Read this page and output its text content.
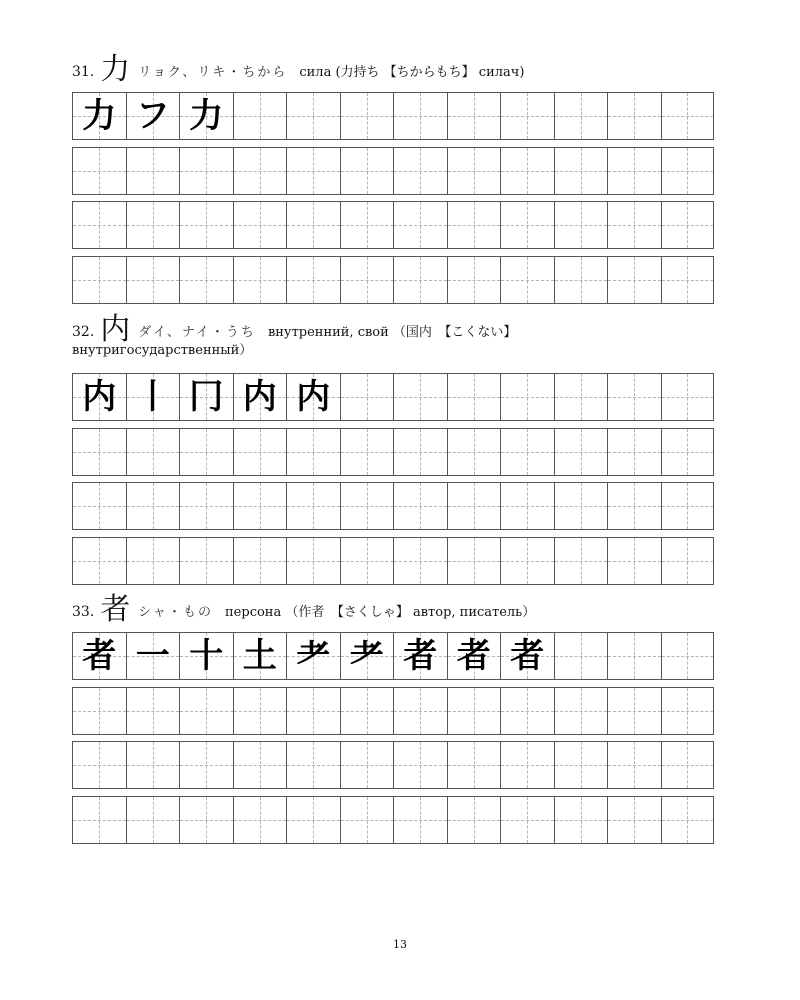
31. 力 リョク、リキ・ちから сила (力持ち 【ちからもち】 силач)
力 フ 力
32. 内 ダイ、ナイ・うち внутренний, свой （国内　【こくない】 внутригосударственный）
内 丨 冂 内 内
33. 者 シャ・もの персона （作者　【さくしゃ】 автор, писатель）
者 一 十 土 耂 耂 者 者 者
13
